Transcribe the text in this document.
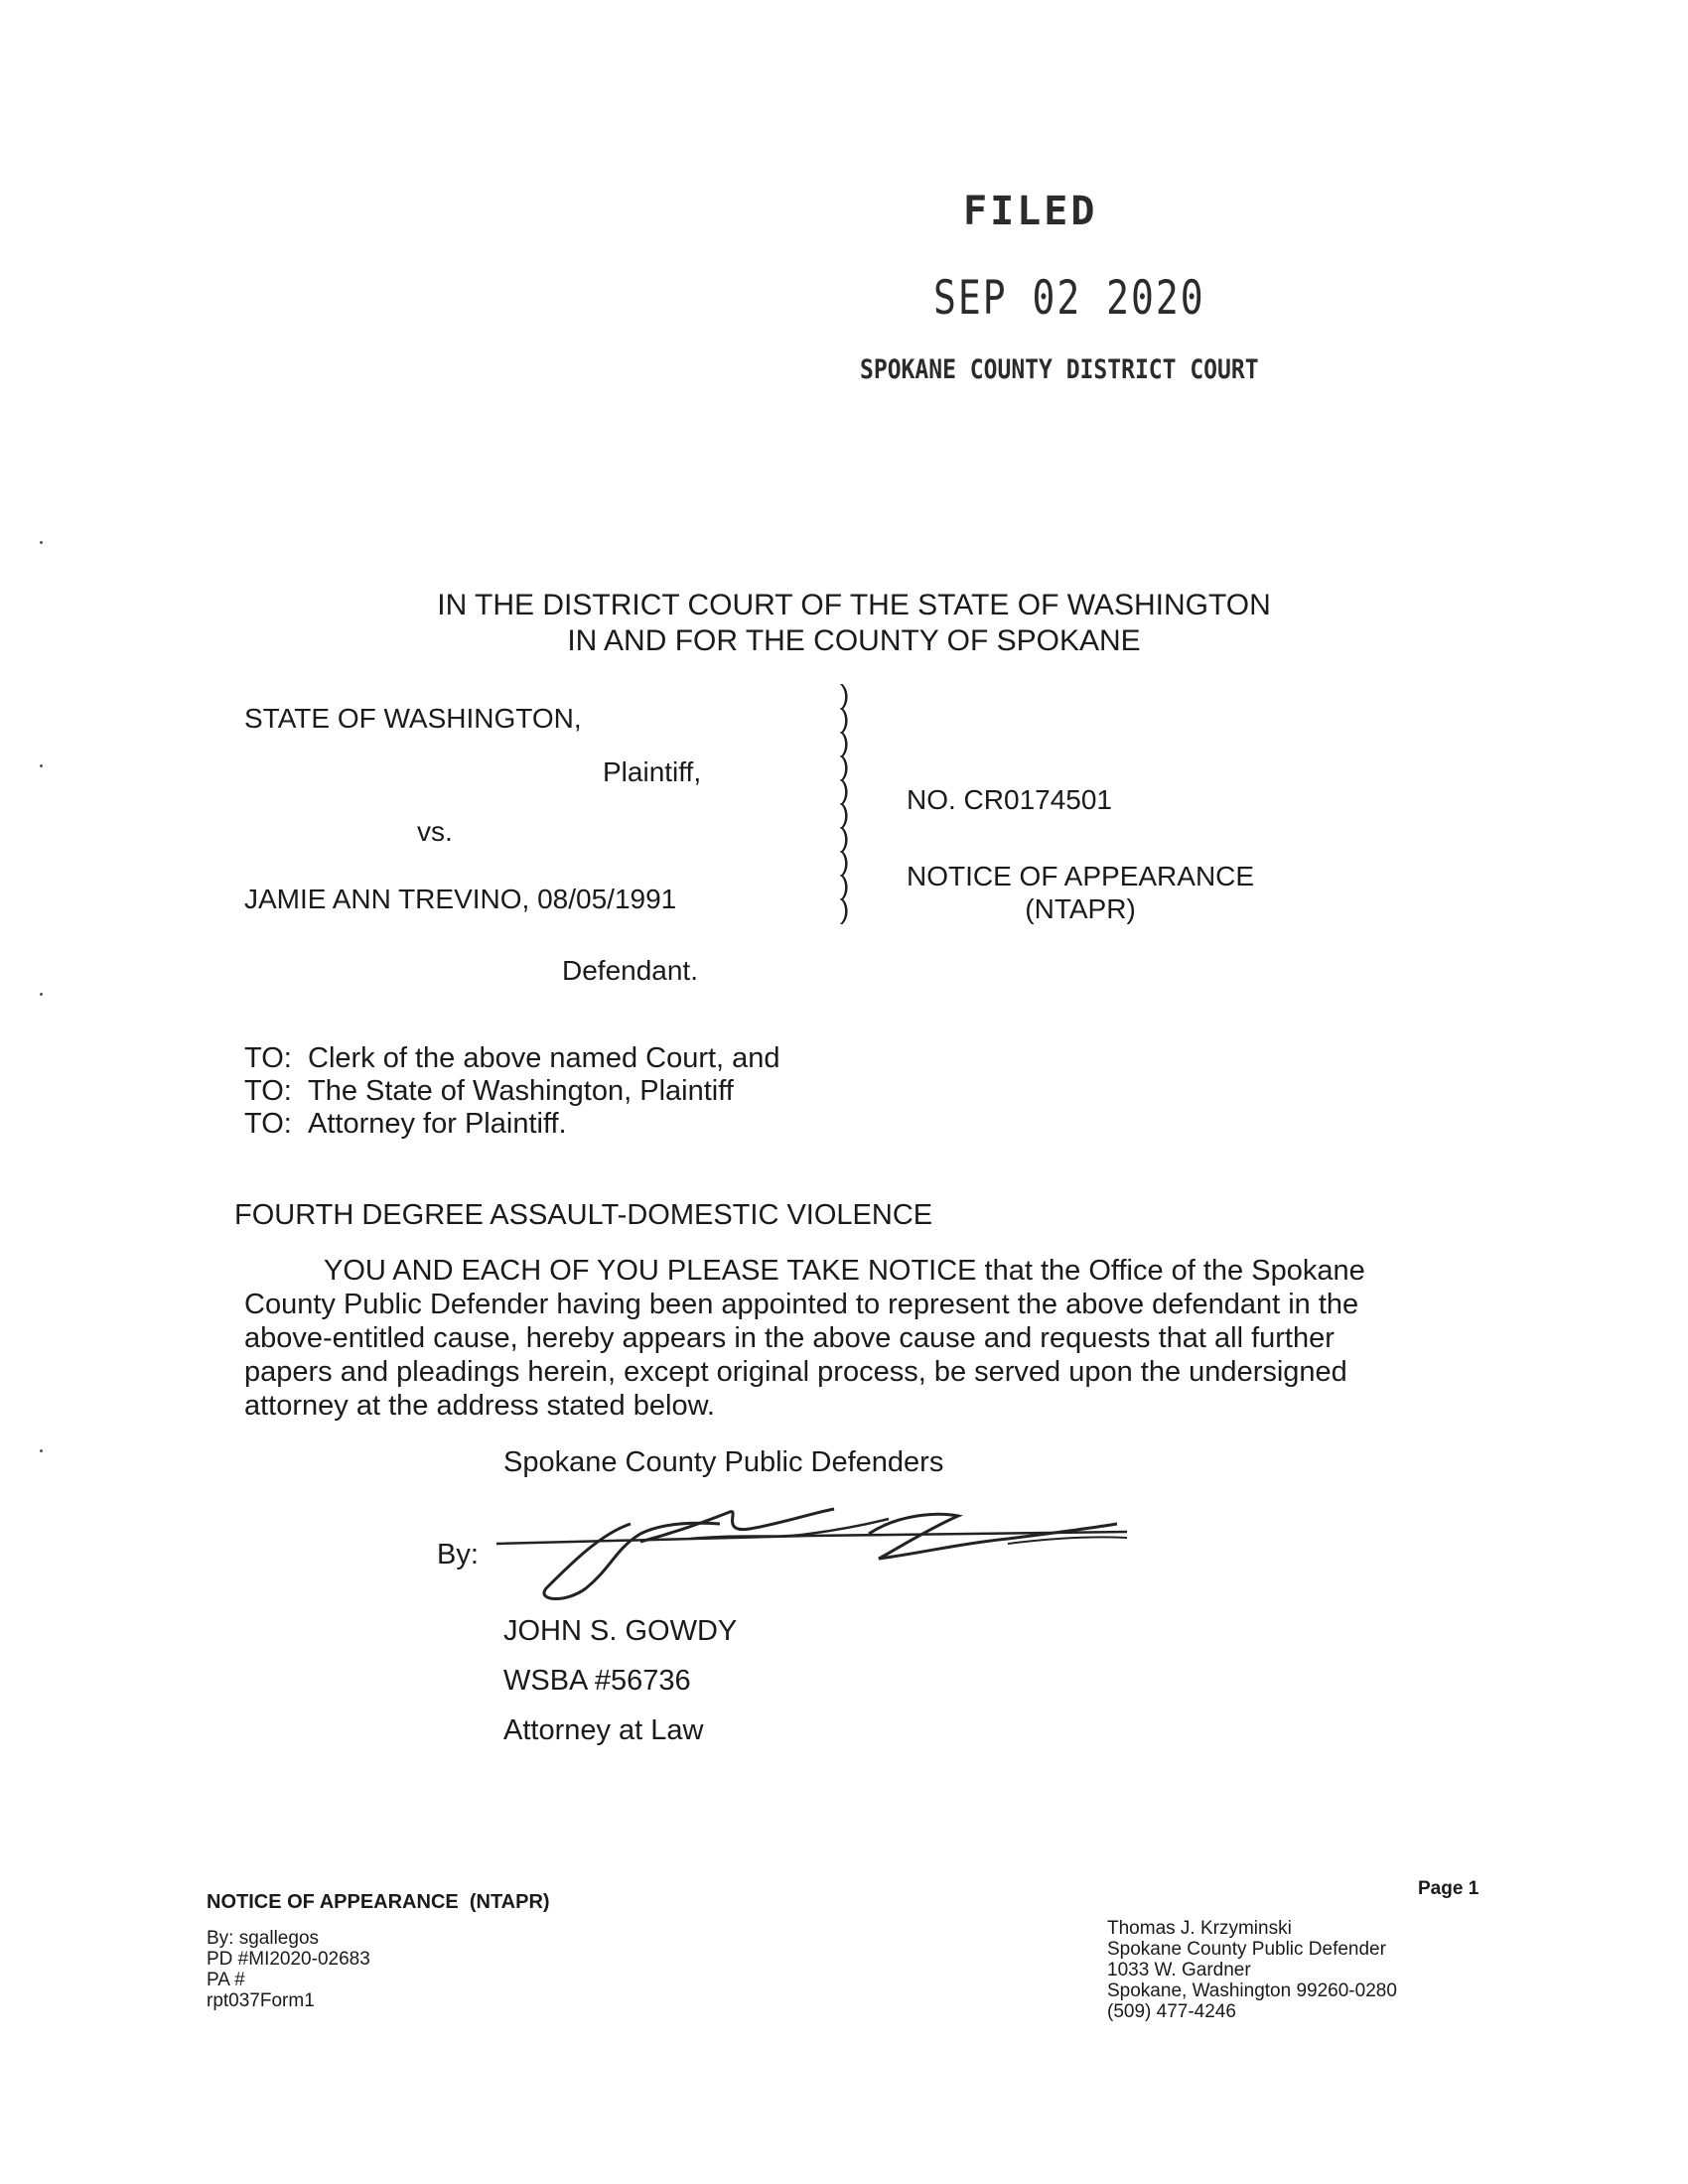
FILED
SEP 02 2020
SPOKANE COUNTY DISTRICT COURT
IN THE DISTRICT COURT OF THE STATE OF WASHINGTON
IN AND FOR THE COUNTY OF SPOKANE
STATE OF WASHINGTON,
Plaintiff,
vs.
JAMIE ANN TREVINO, 08/05/1991
Defendant.
)
)
)
)
)
)
)
)
)
)
NO. CR0174501
NOTICE OF APPEARANCE
(NTAPR)
TO: Clerk of the above named Court, and
TO: The State of Washington, Plaintiff
TO: Attorney for Plaintiff.
FOURTH DEGREE ASSAULT-DOMESTIC VIOLENCE
YOU AND EACH OF YOU PLEASE TAKE NOTICE that the Office of the Spokane County Public Defender having been appointed to represent the above defendant in the above-entitled cause, hereby appears in the above cause and requests that all further papers and pleadings herein, except original process, be served upon the undersigned attorney at the address stated below.
Spokane County Public Defenders
By:
JOHN S. GOWDY
WSBA #56736
Attorney at Law
NOTICE OF APPEARANCE  (NTAPR)
By: sgallegos
PD #MI2020-02683
PA #
rpt037Form1
Page 1
Thomas J. Krzyminski
Spokane County Public Defender
1033 W. Gardner
Spokane, Washington 99260-0280
(509) 477-4246
